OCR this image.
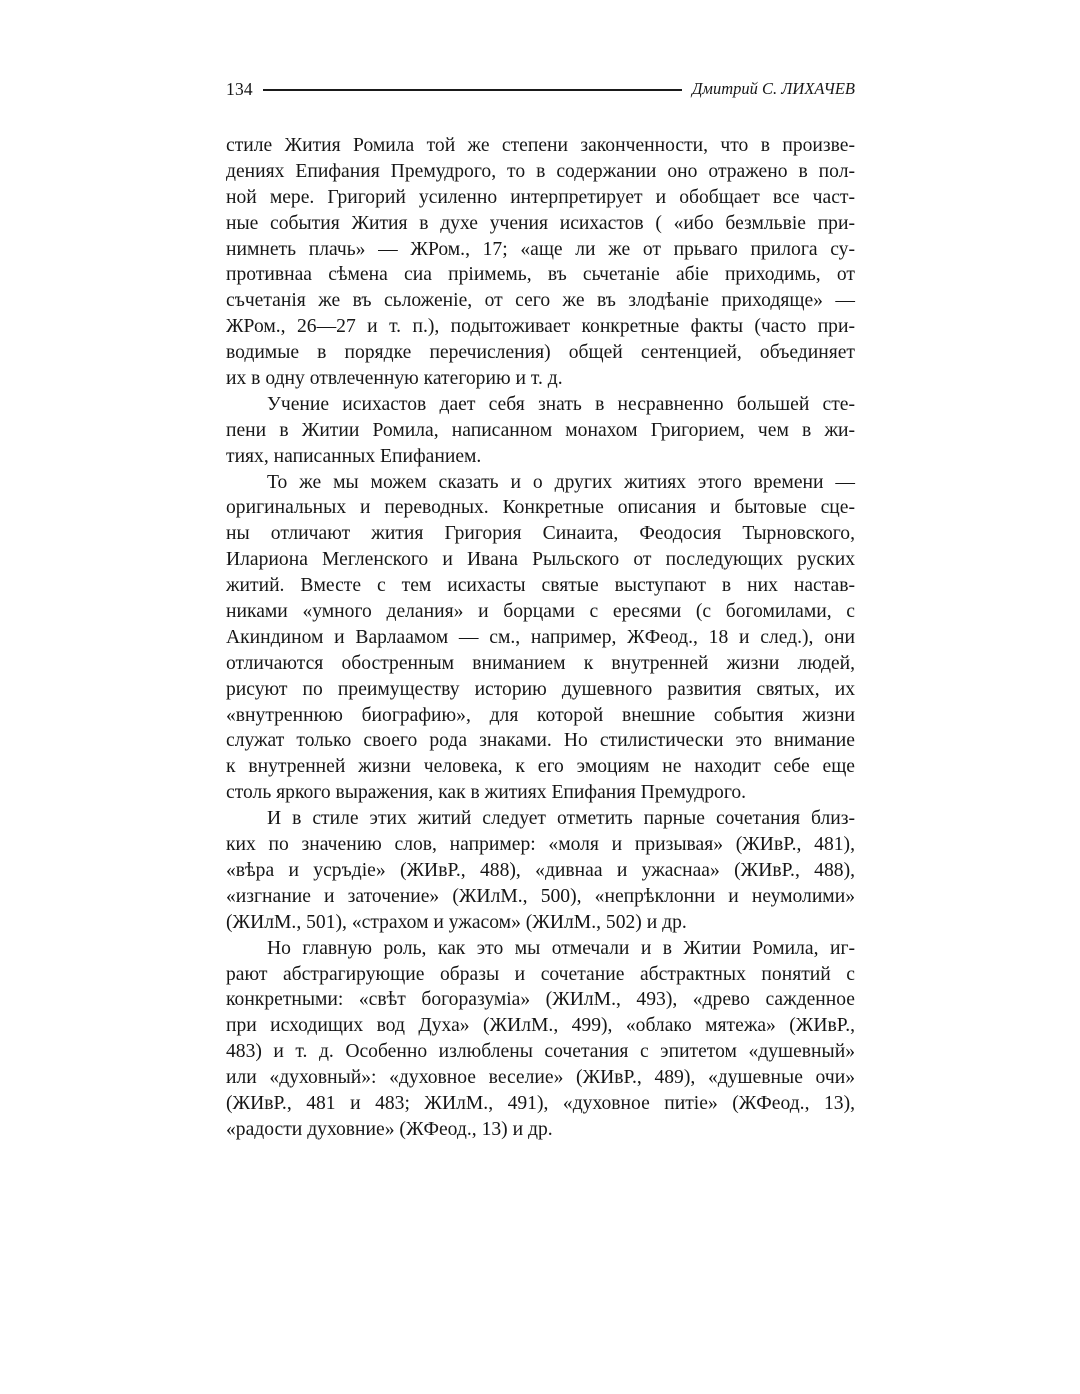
134	Дмитрий С. ЛИХАЧЕВ
стиле Жития Ромила той же степени законченности, что в произве-
дениях Епифания Премудрого, то в содержании оно отражено в пол-
ной мере. Григорий усиленно интерпретирует и обобщает все част-
ные события Жития в духе учения исихастов ( «ибо безмльвіе при-
нимнеть плачь» — ЖРом., 17; «аще ли же от прьваго прилога су-
противнаа сѣмена сиа пріимемь, въ сьчетаніе абіе приходимь, от
съчетанія же въ сьложеніе, от сего же въ злодѣаніе приходяще» —
ЖРом., 26—27 и т. п.), подытоживает конкретные факты (часто при-
водимые в порядке перечисления) общей сентенцией, объединяет
их в одну отвлеченную категорию и т. д.
Учение исихастов дает себя знать в несравненно большей сте-
пени в Житии Ромила, написанном монахом Григорием, чем в жи-
тиях, написанных Епифанием.
То же мы можем сказать и о других житиях этого времени —
оригинальных и переводных. Конкретные описания и бытовые сце-
ны отличают жития Григория Синаита, Феодосия Тырновского,
Илариона Мегленского и Ивана Рыльского от последующих руских
житий. Вместе с тем исихасты святые выступают в них настав-
никами «умного делания» и борцами с ересями (с богомилами, с
Акиндином и Варлаамом — см., например, ЖФеод., 18 и след.), они
отличаются обостренным вниманием к внутренней жизни людей,
рисуют по преимуществу историю душевного развития святых, их
«внутреннюю биографию», для которой внешние события жизни
служат только своего рода знаками. Но стилистически это внимание
к внутренней жизни человека, к его эмоциям не находит себе еще
столь яркого выражения, как в житиях Епифания Премудрого.
И в стиле этих житий следует отметить парные сочетания близ-
ких по значению слов, например: «моля и призывая» (ЖИвР., 481),
«вѣра и усръдіе» (ЖИвР., 488), «дивнаа и ужаснаа» (ЖИвР., 488),
«изгнание и заточение» (ЖИлМ., 500), «непрѣклонни и неумолими»
(ЖИлМ., 501), «страхом и ужасом» (ЖИлМ., 502) и др.
Но главную роль, как это мы отмечали и в Житии Ромила, иг-
рают абстрагирующие образы и сочетание абстрактных понятий с
конкретными: «свѣт богоразуміа» (ЖИлМ., 493), «древо сажденное
при исходищих вод Духа» (ЖИлМ., 499), «облако мятежа» (ЖИвР.,
483) и т. д. Особенно излюблены сочетания с эпитетом «душевный»
или «духовный»: «духовное веселие» (ЖИвР., 489), «душевные очи»
(ЖИвР., 481 и 483; ЖИлМ., 491), «духовное питіе» (ЖФеод., 13),
«радости духовние» (ЖФеод., 13) и др.
